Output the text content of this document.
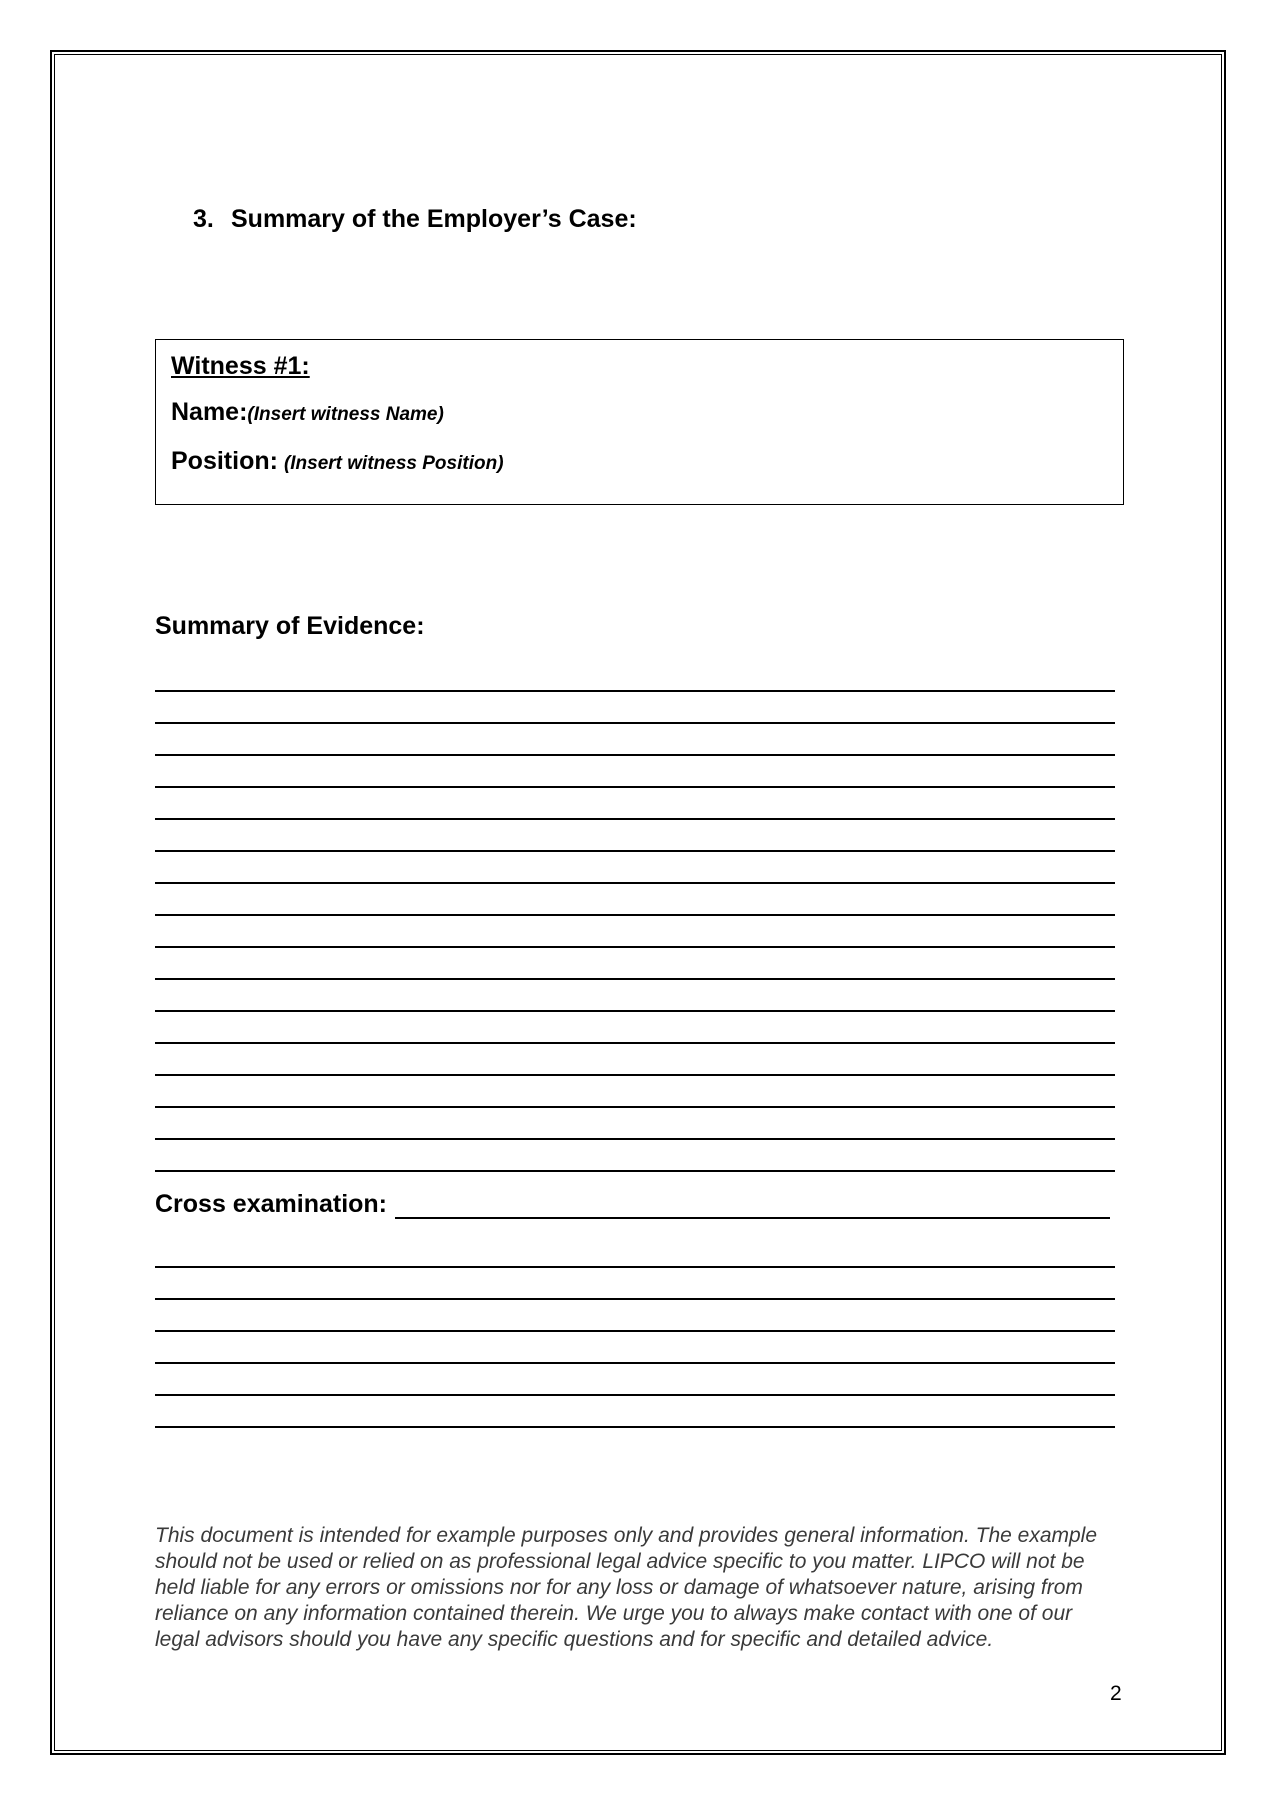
3. Summary of the Employer’s Case:
Witness #1:
Name:(Insert witness Name)
Position: (Insert witness Position)
Summary of Evidence:
Cross examination:

This document is intended for example purposes only and provides general information. The example should not be used or relied on as professional legal advice specific to you matter. LIPCO will not be held liable for any errors or omissions nor for any loss or damage of whatsoever nature, arising from reliance on any information contained therein. We urge you to always make contact with one of our legal advisors should you have any specific questions and for specific and detailed advice.

2
